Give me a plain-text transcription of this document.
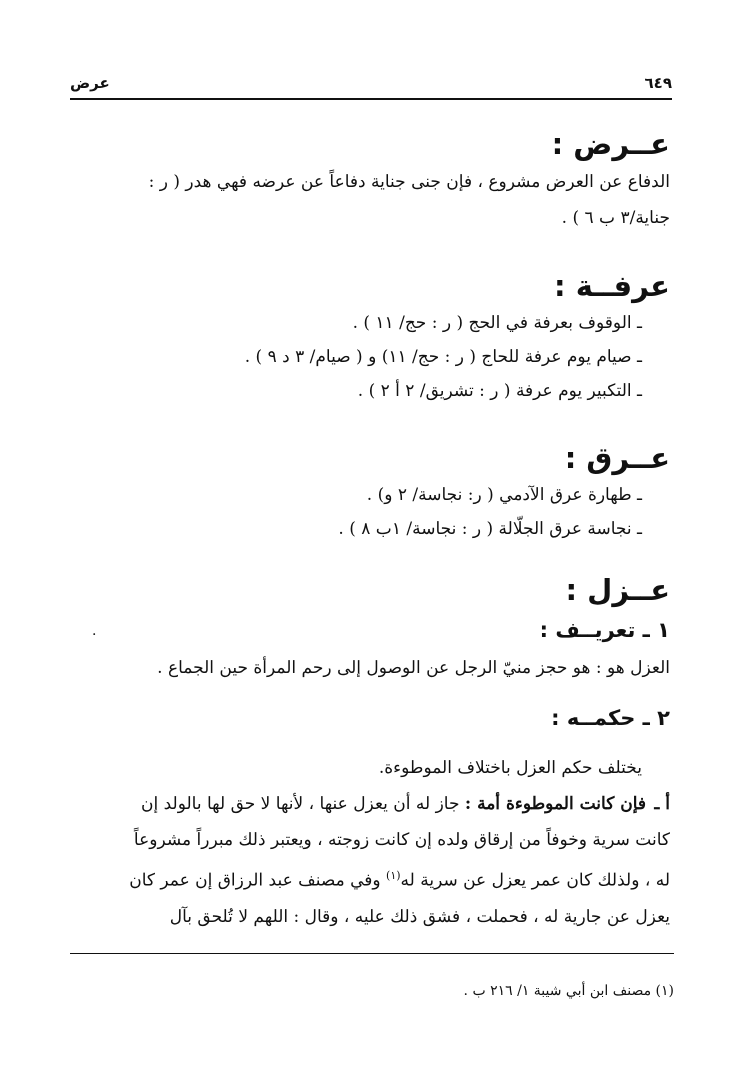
٦٤٩
عرض
عــرض :

الدفاع عن العرض مشروع ، فإن جنى جناية دفاعاً عن عرضه فهي هدر ( ر :

جناية/٣ ب ٦ ) .

عرفــة :

ـ الوقوف بعرفة في الحج ( ر : حج/ ١١ ) .

ـ صيام يوم عرفة للحاج ( ر : حج/ ١١) و ( صيام/ ٣ د ٩ ) .

ـ التكبير يوم عرفة ( ر : تشريق/ ٢ أ ٢ ) .

عــرق :

ـ طهارة عرق الآدمي ( ر: نجاسة/ ٢ و) .

ـ نجاسة عرق الجلّالة ( ر : نجاسة/ ١ب ٨ ) .

عــزل :
١ ـ تعريــف :

العزل هو : هو حجز منيّ الرجل عن الوصول إلى رحم المرأة حين الجماع .

٢ ـ حكمــه :

يختلف حكم العزل باختلاف الموطوءة.

أ ـفإن كانت الموطوءة أمة : جاز له أن يعزل عنها ، لأنها لا حق لها بالولد إن

كانت سرية وخوفاً من إرقاق ولده إن كانت زوجته ، ويعتبر ذلك مبرراً مشروعاً

له ، ولذلك كان عمر يعزل عن سرية له$^{(١)}$ وفي مصنف عبد الرزاق إن عمر كان

يعزل عن جارية له ، فحملت ، فشق ذلك عليه ، وقال : اللهم لا تُلحق بآل

·
(١) مصنف ابن أبي شيبة ١/ ٢١٦ ب .
